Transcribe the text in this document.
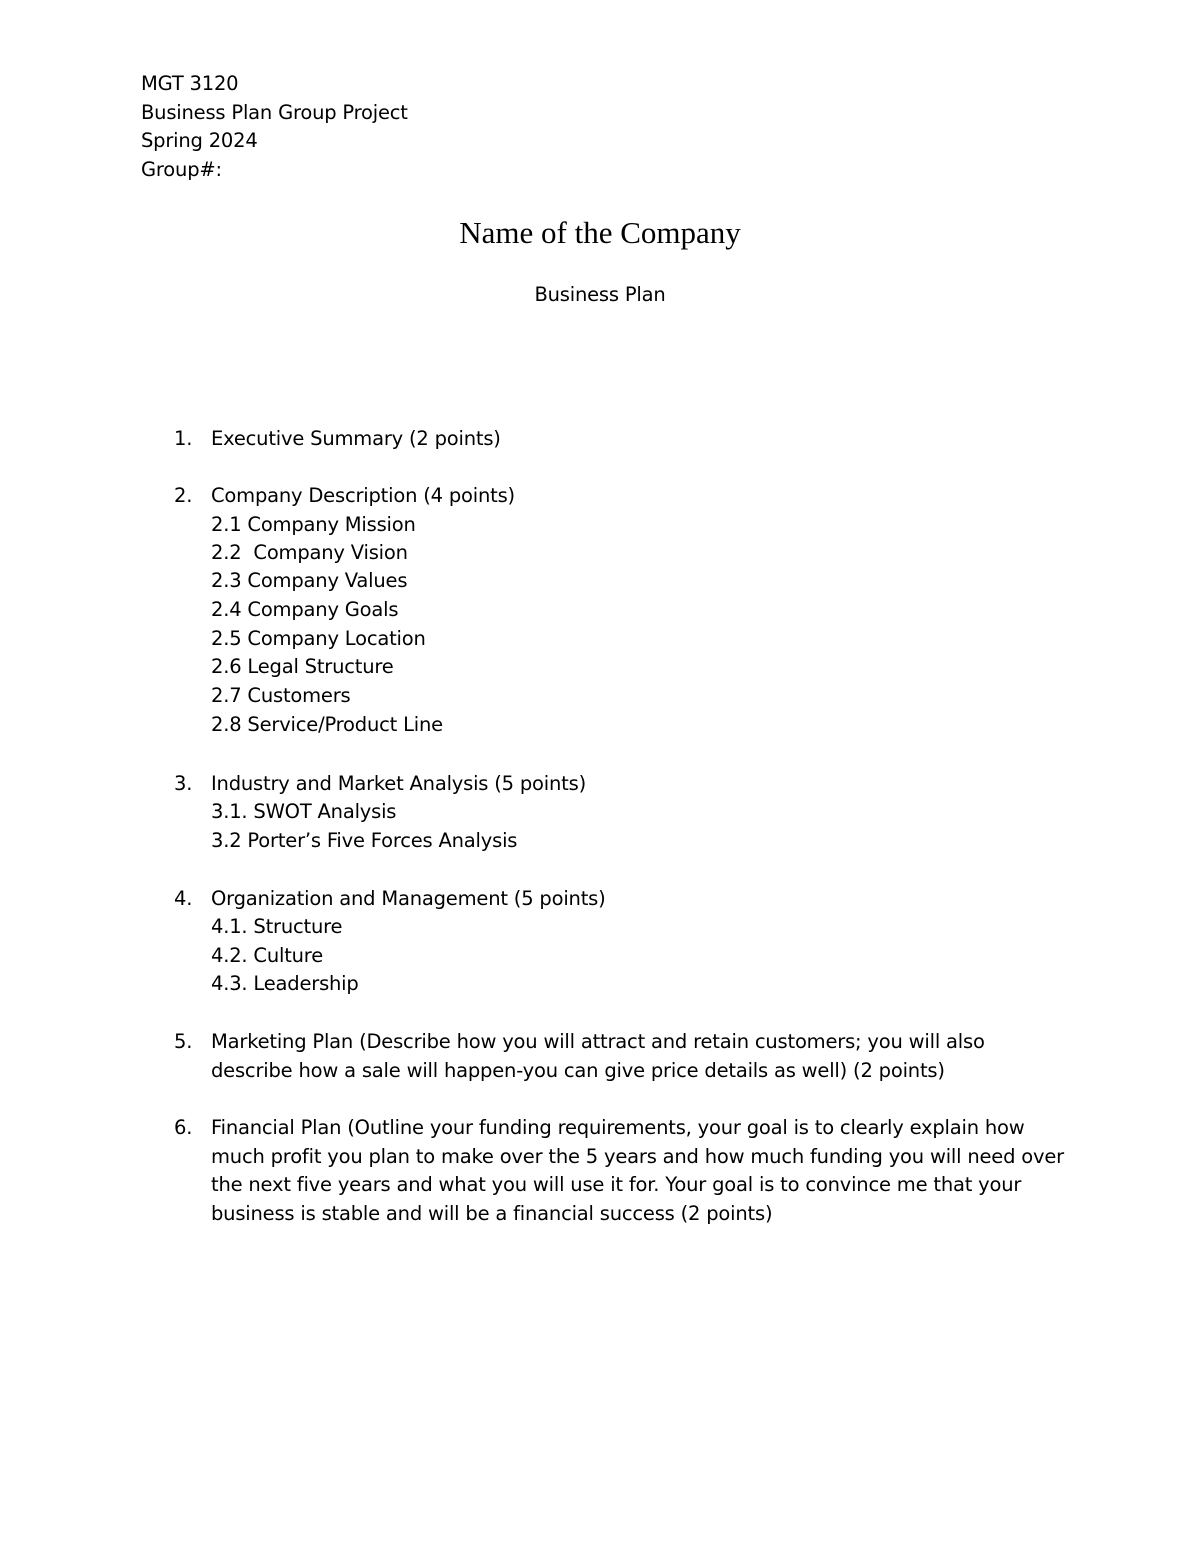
MGT 3120
Business Plan Group Project
Spring 2024
Group#:
Name of the Company
Business Plan
1. Executive Summary (2 points)
2. Company Description (4 points)
2.1 Company Mission
2.2  Company Vision
2.3 Company Values
2.4 Company Goals
2.5 Company Location
2.6 Legal Structure
2.7 Customers
2.8 Service/Product Line
3. Industry and Market Analysis (5 points)
3.1. SWOT Analysis
3.2 Porter’s Five Forces Analysis
4. Organization and Management (5 points)
4.1. Structure
4.2. Culture
4.3. Leadership
5. Marketing Plan (Describe how you will attract and retain customers; you will also describe how a sale will happen-you can give price details as well) (2 points)
6. Financial Plan (Outline your funding requirements, your goal is to clearly explain how much profit you plan to make over the 5 years and how much funding you will need over the next five years and what you will use it for. Your goal is to convince me that your business is stable and will be a financial success (2 points)
